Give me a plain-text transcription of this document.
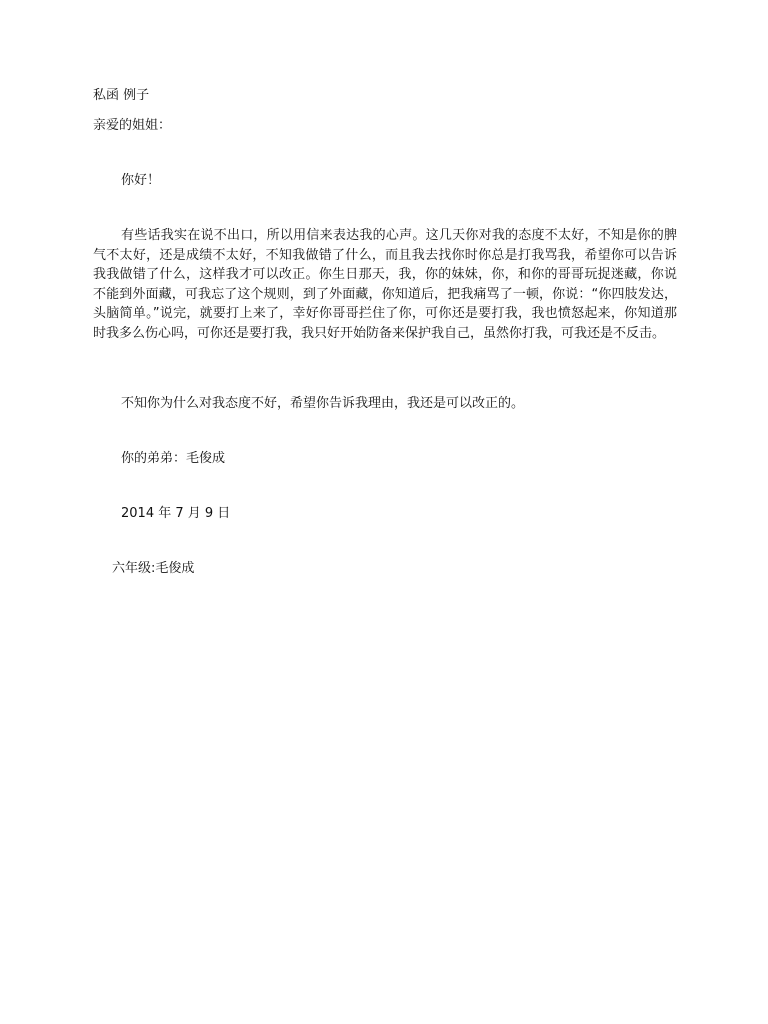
私函 例子
亲爱的姐姐：
你好！
有些话我实在说不出口，所以用信来表达我的心声。这几天你对我的态度不太好，不知是你的脾气不太好，还是成绩不太好，不知我做错了什么，而且我去找你时你总是打我骂我，希望你可以告诉我我做错了什么，这样我才可以改正。你生日那天，我，你的妹妹，你，和你的哥哥玩捉迷藏，你说不能到外面藏，可我忘了这个规则，到了外面藏，你知道后，把我痛骂了一顿，你说：“你四肢发达，头脑简单。”说完，就要打上来了，幸好你哥哥拦住了你，可你还是要打我，我也愤怒起来，你知道那时我多么伤心吗，可你还是要打我，我只好开始防备来保护我自己，虽然你打我，可我还是不反击。
不知你为什么对我态度不好，希望你告诉我理由，我还是可以改正的。
你的弟弟：毛俊成
2014 年 7 月 9 日
六年级:毛俊成
